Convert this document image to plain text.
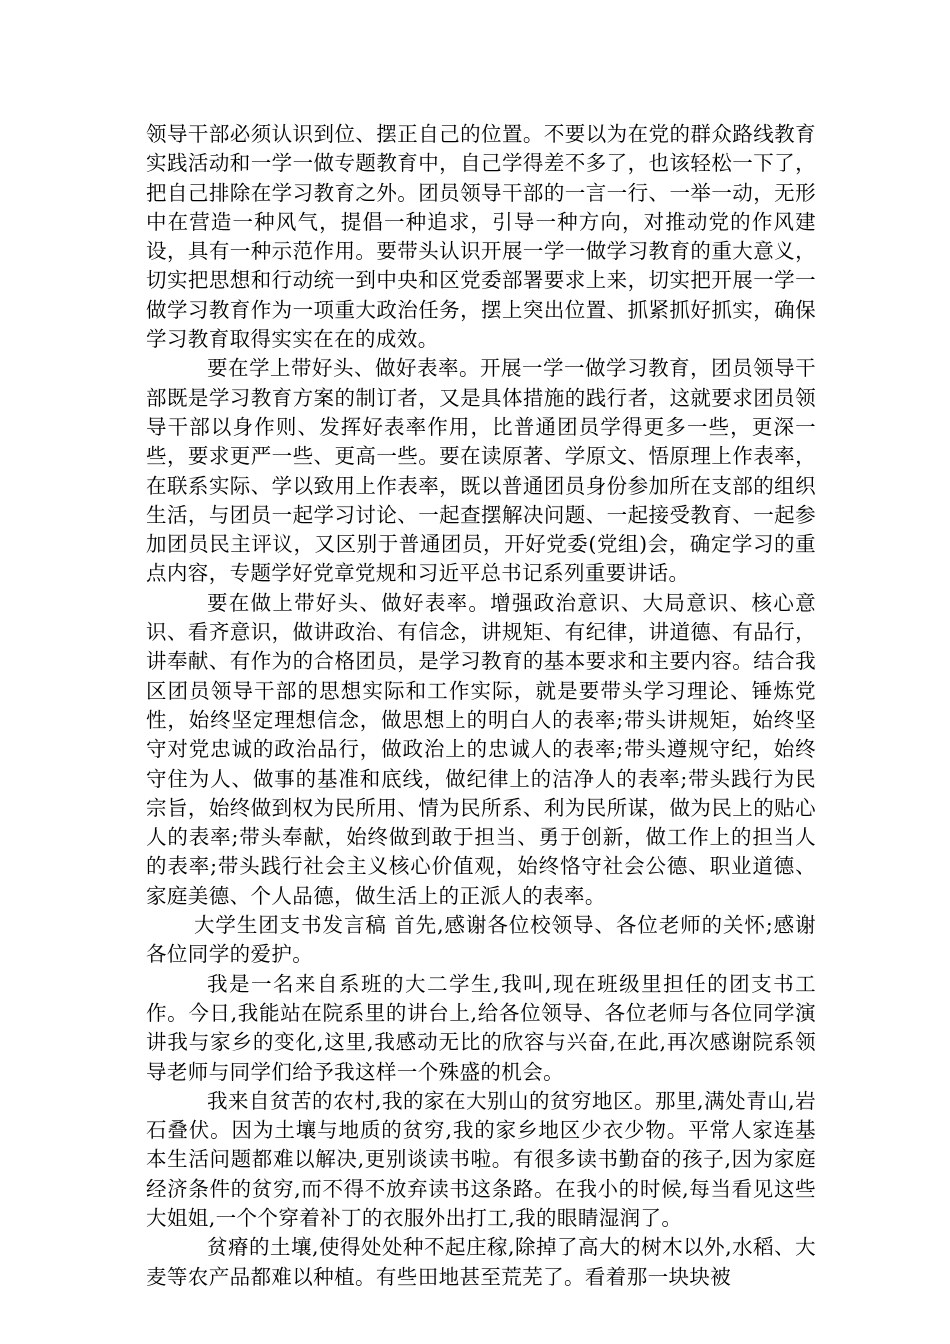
领导干部必须认识到位、摆正自己的位置。不要以为在党的群众路线教育实践活动和一学一做专题教育中，自己学得差不多了，也该轻松一下了，把自己排除在学习教育之外。团员领导干部的一言一行、一举一动，无形中在营造一种风气，提倡一种追求，引导一种方向，对推动党的作风建设，具有一种示范作用。要带头认识开展一学一做学习教育的重大意义，切实把思想和行动统一到中央和区党委部署要求上来，切实把开展一学一做学习教育作为一项重大政治任务，摆上突出位置、抓紧抓好抓实，确保学习教育取得实实在在的成效。

要在学上带好头、做好表率。开展一学一做学习教育，团员领导干部既是学习教育方案的制订者，又是具体措施的践行者，这就要求团员领导干部以身作则、发挥好表率作用，比普通团员学得更多一些，更深一些，要求更严一些、更高一些。要在读原著、学原文、悟原理上作表率，在联系实际、学以致用上作表率，既以普通团员身份参加所在支部的组织生活，与团员一起学习讨论、一起查摆解决问题、一起接受教育、一起参加团员民主评议，又区别于普通团员，开好党委(党组)会，确定学习的重点内容，专题学好党章党规和习近平总书记系列重要讲话。

要在做上带好头、做好表率。增强政治意识、大局意识、核心意识、看齐意识，做讲政治、有信念，讲规矩、有纪律，讲道德、有品行，讲奉献、有作为的合格团员，是学习教育的基本要求和主要内容。结合我区团员领导干部的思想实际和工作实际，就是要带头学习理论、锤炼党性，始终坚定理想信念，做思想上的明白人的表率;带头讲规矩，始终坚守对党忠诚的政治品行，做政治上的忠诚人的表率;带头遵规守纪，始终守住为人、做事的基准和底线，做纪律上的洁净人的表率;带头践行为民宗旨，始终做到权为民所用、情为民所系、利为民所谋，做为民上的贴心人的表率;带头奉献，始终做到敢于担当、勇于创新，做工作上的担当人的表率;带头践行社会主义核心价值观，始终恪守社会公德、职业道德、家庭美德、个人品德，做生活上的正派人的表率。

大学生团支书发言稿 首先,感谢各位校领导、各位老师的关怀;感谢各位同学的爱护。

我是一名来自系班的大二学生,我叫,现在班级里担任的团支书工作。今日,我能站在院系里的讲台上,给各位领导、各位老师与各位同学演讲我与家乡的变化,这里,我感动无比的欣容与兴奋,在此,再次感谢院系领导老师与同学们给予我这样一个殊盛的机会。

我来自贫苦的农村,我的家在大别山的贫穷地区。那里,满处青山,岩石叠伏。因为土壤与地质的贫穷,我的家乡地区少衣少物。平常人家连基本生活问题都难以解决,更别谈读书啦。有很多读书勤奋的孩子,因为家庭经济条件的贫穷,而不得不放弃读书这条路。在我小的时候,每当看见这些大姐姐,一个个穿着补丁的衣服外出打工,我的眼睛湿润了。

贫瘠的土壤,使得处处种不起庄稼,除掉了高大的树木以外,水稻、大麦等农产品都难以种植。有些田地甚至荒芜了。看着那一块块被
